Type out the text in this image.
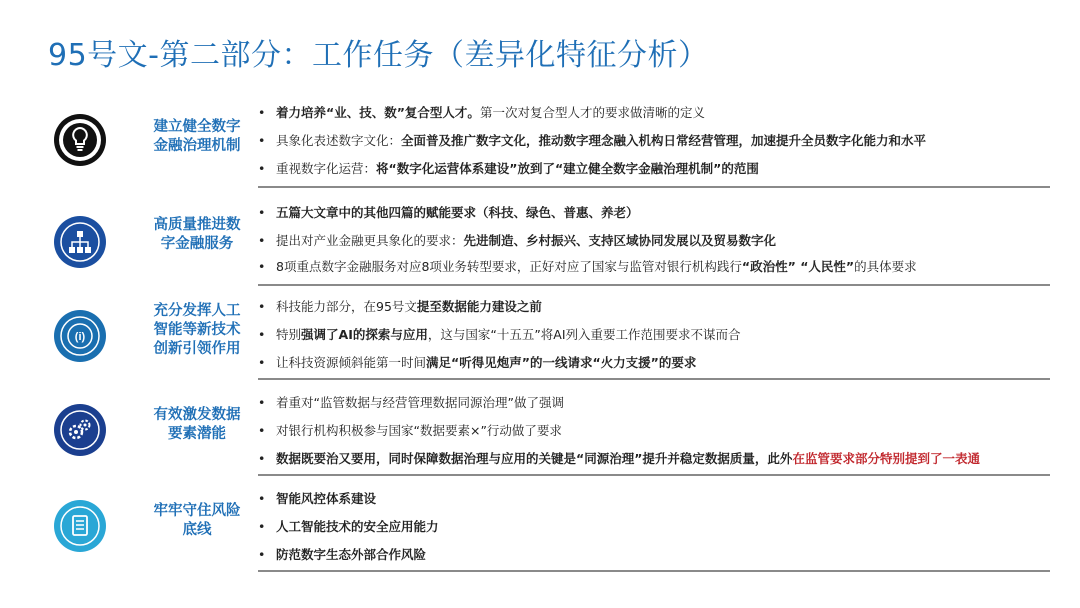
95号文-第二部分：工作任务（差异化特征分析）
建立健全数字
金融治理机制
• 着力培养“业、技、数”复合型人才。第一次对复合型人才的要求做清晰的定义
• 具象化表述数字文化：全面普及推广数字文化，推动数字理念融入机构日常经营管理，加速提升全员数字化能力和水平
• 重视数字化运营：将“数字化运营体系建设”放到了“建立健全数字金融治理机制”的范围
高质量推进数
字金融服务
• 五篇大文章中的其他四篇的赋能要求（科技、绿色、普惠、养老）
• 提出对产业金融更具象化的要求：先进制造、乡村振兴、支持区域协同发展以及贸易数字化
• 8项重点数字金融服务对应8项业务转型要求，正好对应了国家与监管对银行机构践行“政治性” “人民性”的具体要求
(i)
充分发挥人工
智能等新技术
创新引领作用
• 科技能力部分，在95号文提至数据能力建设之前
• 特别强调了AI的探索与应用，这与国家“十五五”将AI列入重要工作范围要求不谋而合
• 让科技资源倾斜能第一时间满足“听得见炮声”的一线请求“火力支援”的要求
有效激发数据
要素潜能
• 着重对“监管数据与经营管理数据同源治理”做了强调
• 对银行机构积极参与国家“数据要素×”行动做了要求
• 数据既要治又要用，同时保障数据治理与应用的关键是“同源治理”提升并稳定数据质量，此外在监管要求部分特别提到了一表通
牢牢守住风险
底线
• 智能风控体系建设
• 人工智能技术的安全应用能力
• 防范数字生态外部合作风险
